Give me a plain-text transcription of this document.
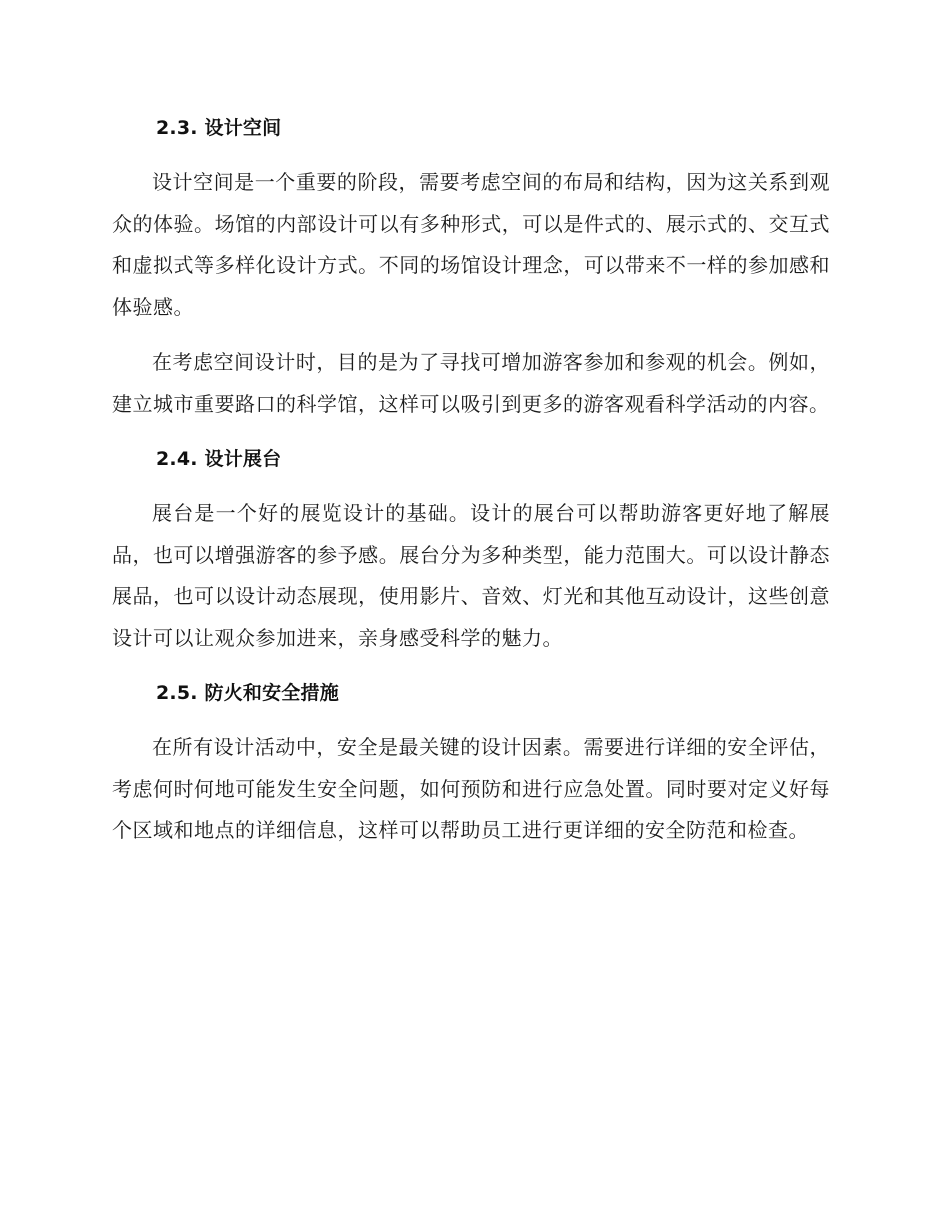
2.3. 设计空间

设计空间是一个重要的阶段，需要考虑空间的布局和结构，因为这关系到观众的体验。场馆的内部设计可以有多种形式，可以是件式的、展示式的、交互式和虚拟式等多样化设计方式。不同的场馆设计理念，可以带来不一样的参加感和体验感。

在考虑空间设计时，目的是为了寻找可增加游客参加和参观的机会。例如，建立城市重要路口的科学馆，这样可以吸引到更多的游客观看科学活动的内容。

2.4. 设计展台

展台是一个好的展览设计的基础。设计的展台可以帮助游客更好地了解展品，也可以增强游客的参予感。展台分为多种类型，能力范围大。可以设计静态展品，也可以设计动态展现，使用影片、音效、灯光和其他互动设计，这些创意设计可以让观众参加进来，亲身感受科学的魅力。

2.5. 防火和安全措施

在所有设计活动中，安全是最关键的设计因素。需要进行详细的安全评估，考虑何时何地可能发生安全问题，如何预防和进行应急处置。同时要对定义好每个区域和地点的详细信息，这样可以帮助员工进行更详细的安全防范和检查。
